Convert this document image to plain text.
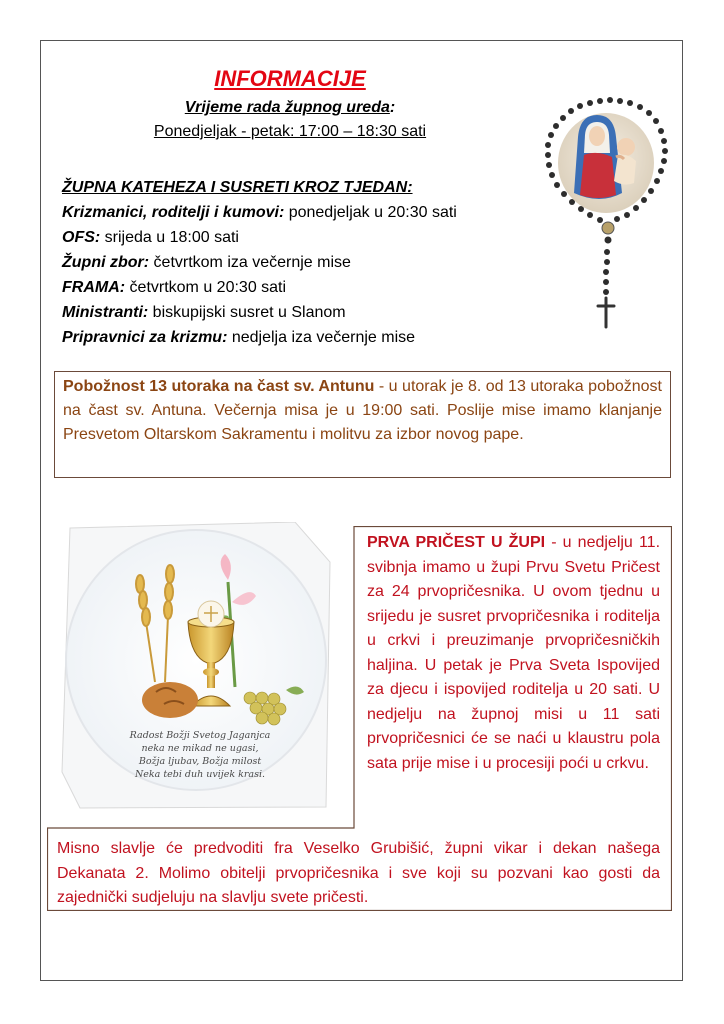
INFORMACIJE
Vrijeme rada župnog ureda:
Ponedjeljak - petak: 17:00 – 18:30 sati
ŽUPNA KATEHEZA I SUSRETI KROZ TJEDAN:
Krizmanici, roditelji i kumovi: ponedjeljak u 20:30 sati
OFS: srijeda u 18:00 sati
Župni zbor: četvrtkom iza večernje mise
FRAMA: četvrtkom u 20:30 sati
Ministranti: biskupijski susret u Slanom
Pripravnici za krizmu: nedjelja iza večernje mise
Pobožnost 13 utoraka na čast sv. Antunu - u utorak je 8. od 13 utoraka pobožnost na čast sv. Antuna. Večernja misa je u 19:00 sati. Poslije mise imamo klanjanje Presvetom Oltarskom Sakramentu i molitvu za izbor novog pape.
PRVA PRIČEST U ŽUPI - u nedjelju 11. svibnja imamo u župi Prvu Svetu Pričest za 24 prvopričesnika. U ovom tjednu u srijedu je susret prvopričesnika i roditelja u crkvi i preuzimanje prvopričesničkih haljina. U petak je Prva Sveta Ispovijed za djecu i ispovijed roditelja u 20 sati. U nedjelju na župnoj misi u 11 sati prvopričesnici će se naći u klaustru pola sata prije mise i u procesiji poći u crkvu.
Misno slavlje će predvoditi fra Veselko Grubišić, župni vikar i dekan našega Dekanata 2. Molimo obitelji prvopričesnika i sve koji su pozvani kao gosti da zajednički sudjeluju na slavlju svete pričesti.
Radost Božji Svetog Jaganjca
neka ne mikad ne ugasi,
Božja ljubav, Božja milost
Neka tebi duh uvijek krasi.
